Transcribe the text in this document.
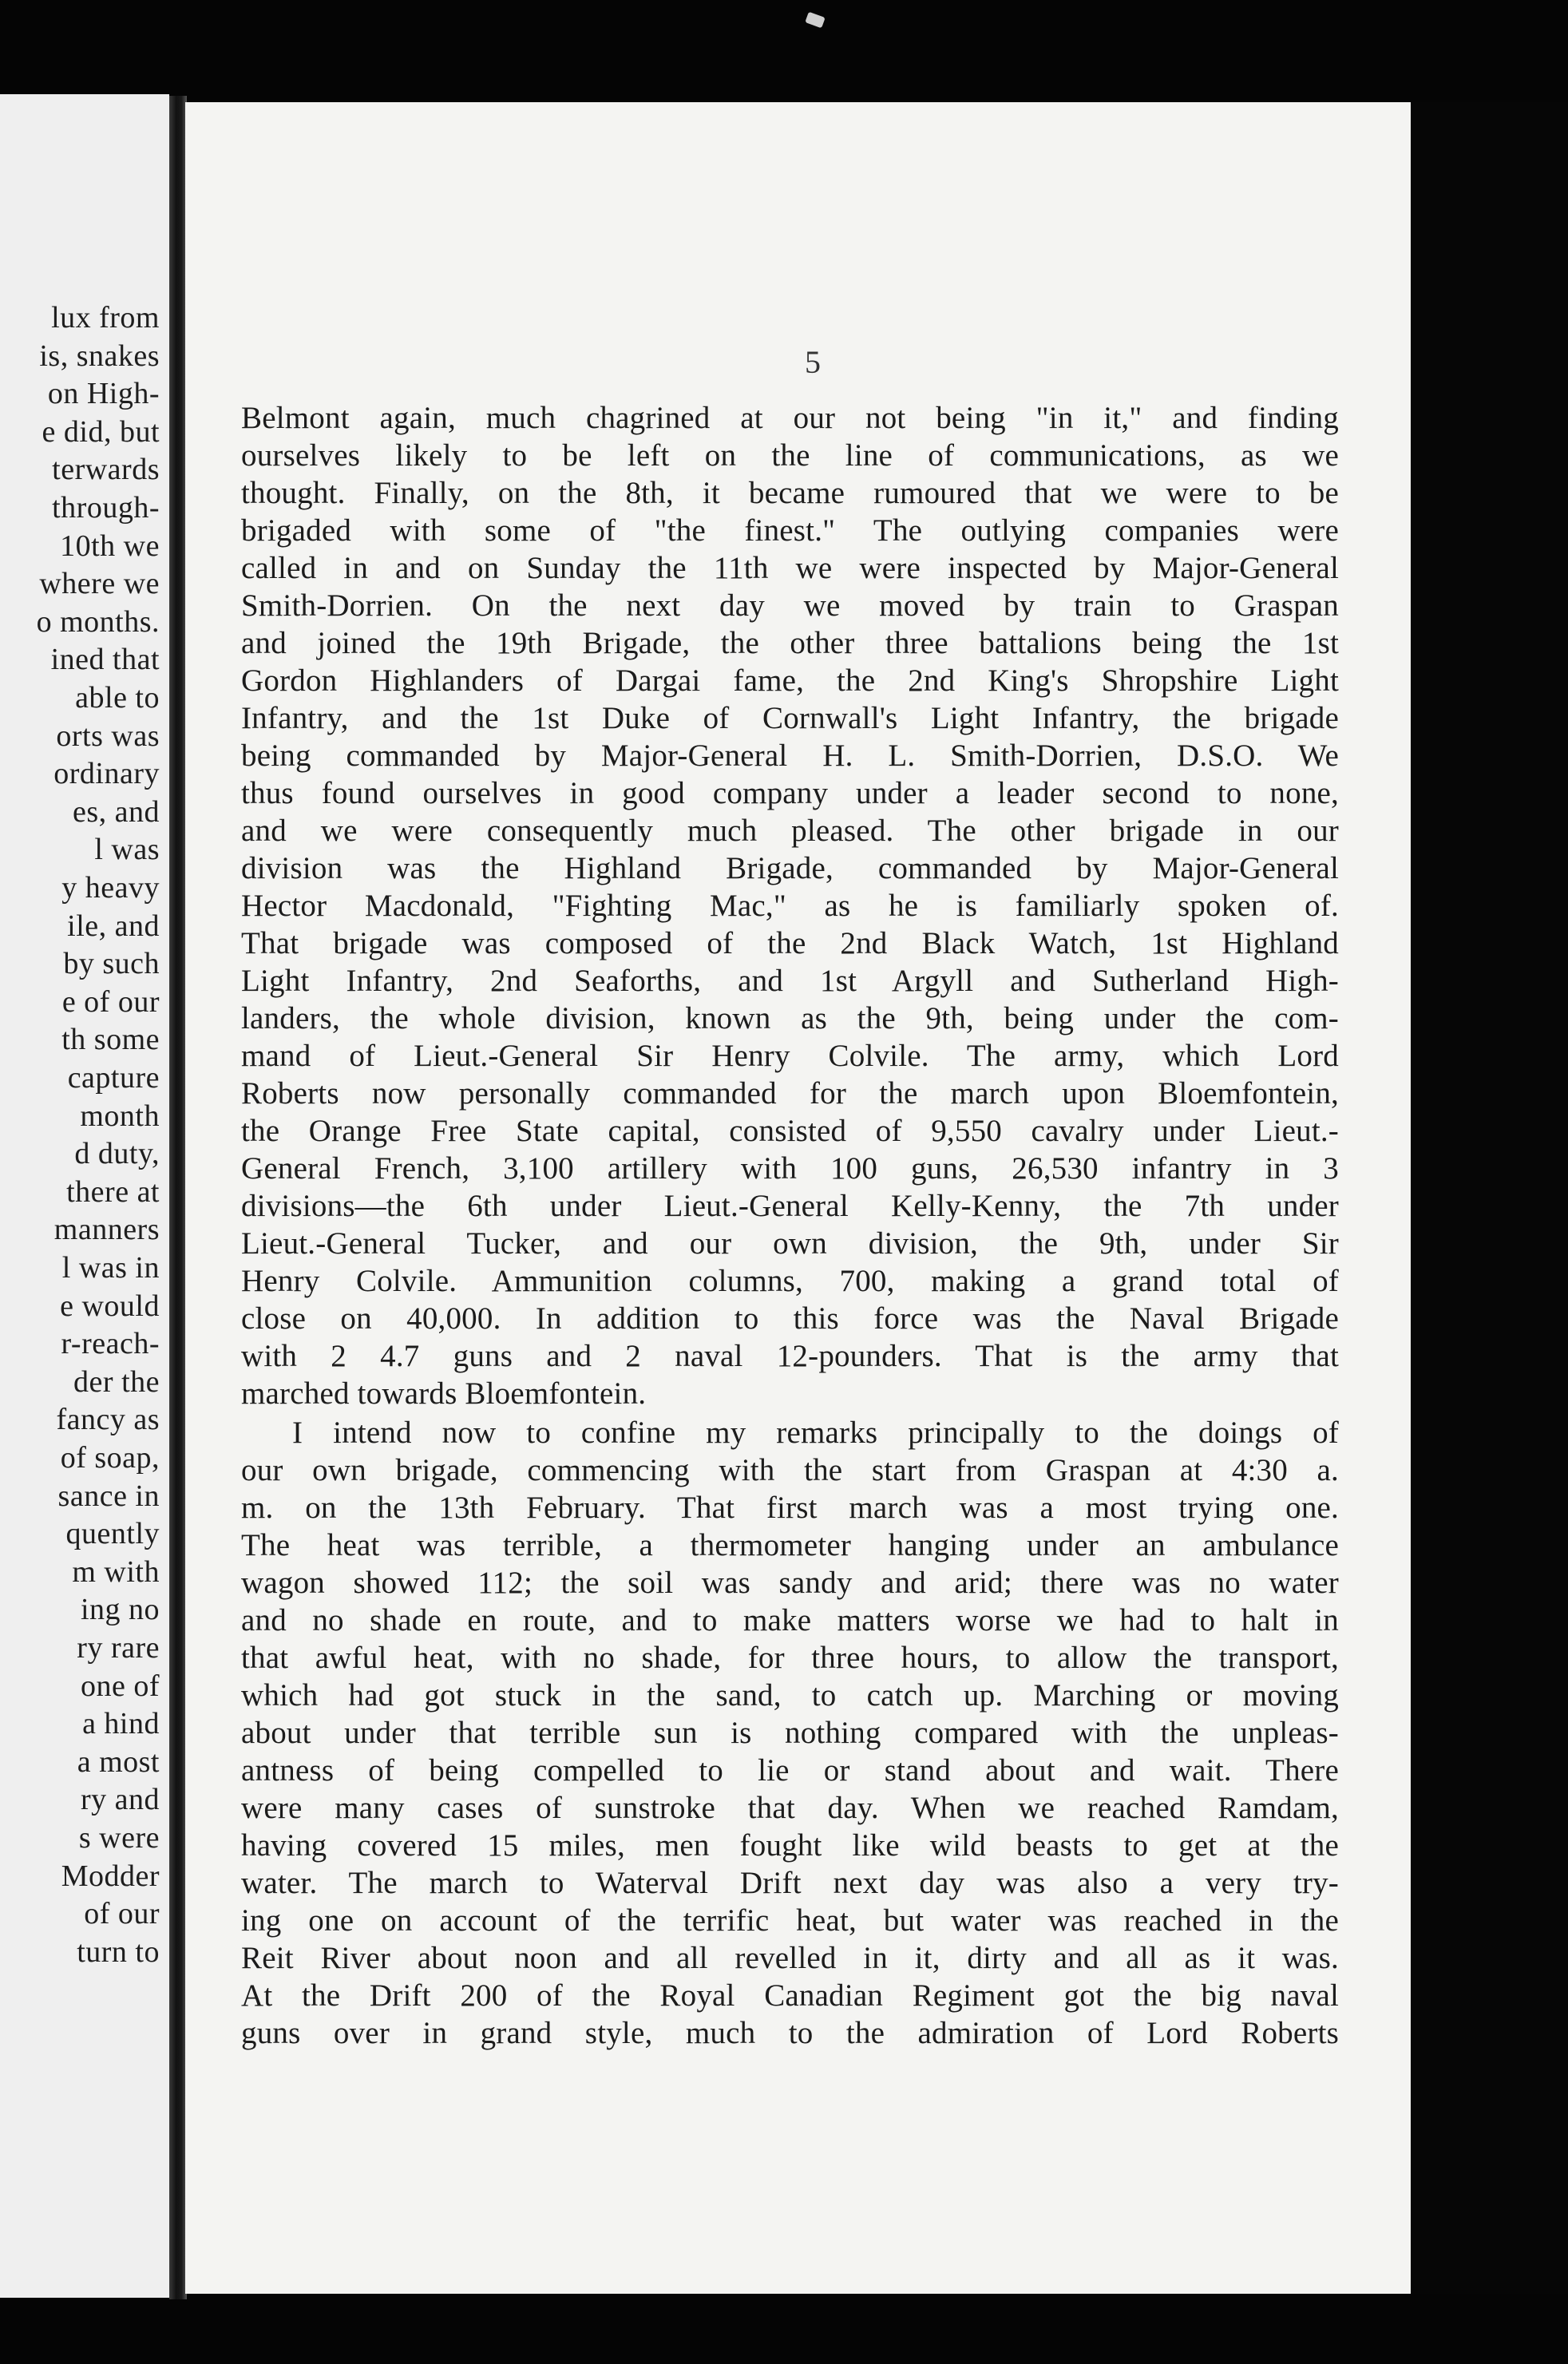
lux from
is, snakes
on High-
e did, but
terwards
through-
10th we
where we
o months.
ined that
able to
orts was
ordinary
es, and
l was
y heavy
ile, and
by such
e of our
th some
capture
month
d duty,
there at
manners
l was in
e would
r-reach-
der the
fancy as
of soap,
sance in
quently
m with
ing no
ry rare
one of
a hind
a most
ry and
s were
Modder
of our
turn to
5
Belmont again, much chagrined at our not being "in it," and finding
ourselves likely to be left on the line of communications, as we
thought. Finally, on the 8th, it became rumoured that we were to be
brigaded with some of "the finest." The outlying companies were
called in and on Sunday the 11th we were inspected by Major-General
Smith-Dorrien. On the next day we moved by train to Graspan
and joined the 19th Brigade, the other three battalions being the 1st
Gordon Highlanders of Dargai fame, the 2nd King's Shropshire Light
Infantry, and the 1st Duke of Cornwall's Light Infantry, the brigade
being commanded by Major-General H. L. Smith-Dorrien, D.S.O. We
thus found ourselves in good company under a leader second to none,
and we were consequently much pleased. The other brigade in our
division was the Highland Brigade, commanded by Major-General
Hector Macdonald, "Fighting Mac," as he is familiarly spoken of.
That brigade was composed of the 2nd Black Watch, 1st Highland
Light Infantry, 2nd Seaforths, and 1st Argyll and Sutherland High-
landers, the whole division, known as the 9th, being under the com-
mand of Lieut.-General Sir Henry Colvile. The army, which Lord
Roberts now personally commanded for the march upon Bloemfontein,
the Orange Free State capital, consisted of 9,550 cavalry under Lieut.-
General French, 3,100 artillery with 100 guns, 26,530 infantry in 3
divisions—the 6th under Lieut.-General Kelly-Kenny, the 7th under
Lieut.-General Tucker, and our own division, the 9th, under Sir
Henry Colvile. Ammunition columns, 700, making a grand total of
close on 40,000. In addition to this force was the Naval Brigade
with 2 4.7 guns and 2 naval 12-pounders. That is the army that
marched towards Bloemfontein.
I intend now to confine my remarks principally to the doings of
our own brigade, commencing with the start from Graspan at 4:30 a.
m. on the 13th February. That first march was a most trying one.
The heat was terrible, a thermometer hanging under an ambulance
wagon showed 112; the soil was sandy and arid; there was no water
and no shade en route, and to make matters worse we had to halt in
that awful heat, with no shade, for three hours, to allow the transport,
which had got stuck in the sand, to catch up. Marching or moving
about under that terrible sun is nothing compared with the unpleas-
antness of being compelled to lie or stand about and wait. There
were many cases of sunstroke that day. When we reached Ramdam,
having covered 15 miles, men fought like wild beasts to get at the
water. The march to Waterval Drift next day was also a very try-
ing one on account of the terrific heat, but water was reached in the
Reit River about noon and all revelled in it, dirty and all as it was.
At the Drift 200 of the Royal Canadian Regiment got the big naval
guns over in grand style, much to the admiration of Lord Roberts
